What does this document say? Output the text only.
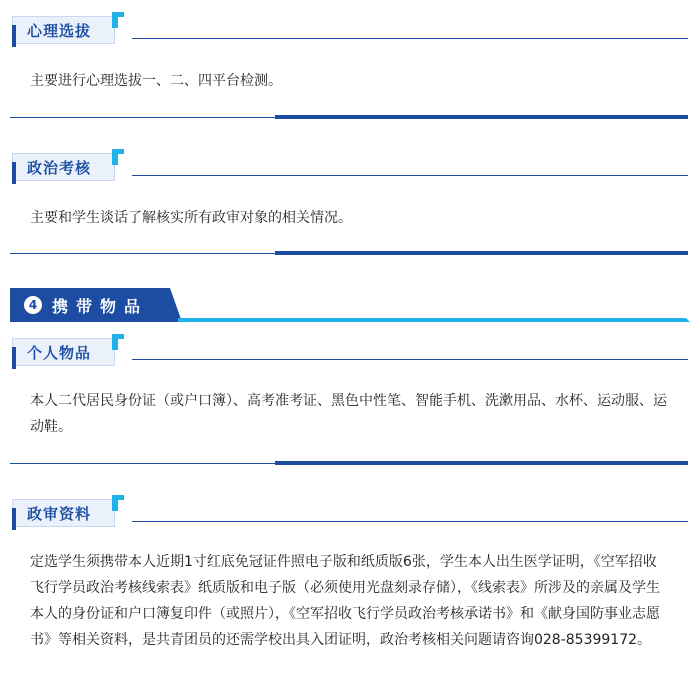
心理选拔
主要进行心理选拔一、二、四平台检测。
政治考核
主要和学生谈话了解核实所有政审对象的相关情况。
4 携带物品
个人物品
本人二代居民身份证（或户口簿）、高考准考证、黑色中性笔、智能手机、洗漱用品、水杯、运动服、运动鞋。
政审资料
定选学生须携带本人近期1寸红底免冠证件照电子版和纸质版6张，学生本人出生医学证明，《空军招收飞行学员政治考核线索表》纸质版和电子版（必须使用光盘刻录存储），《线索表》所涉及的亲属及学生本人的身份证和户口簿复印件（或照片），《空军招收飞行学员政治考核承诺书》和《献身国防事业志愿书》等相关资料，是共青团员的还需学校出具入团证明，政治考核相关问题请咨询028-85399172。
